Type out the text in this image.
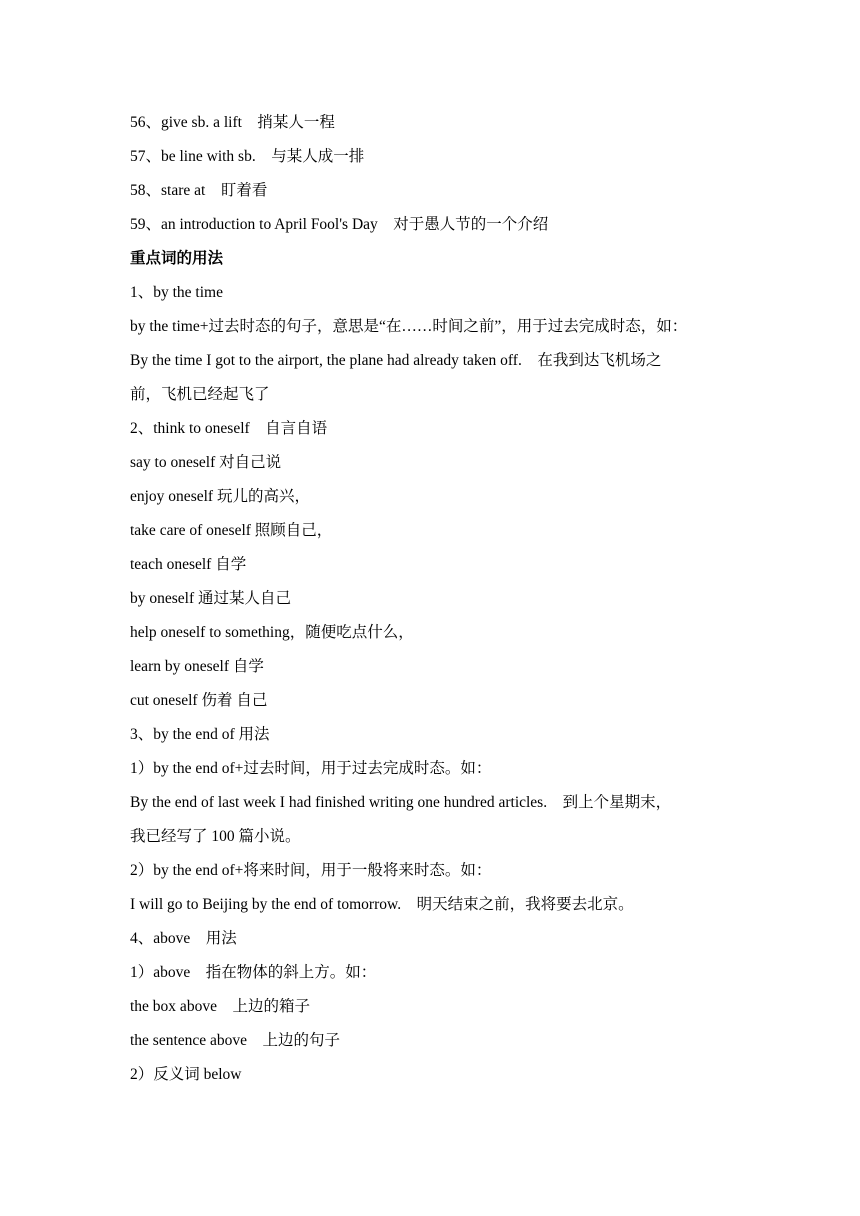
56、give sb. a lift　捎某人一程
57、be line with sb.　与某人成一排
58、stare at　盯着看
59、an introduction to April Fool's Day　对于愚人节的一个介绍
重点词的用法
1、by the time
by the time+过去时态的句子，意思是“在……时间之前”，用于过去完成时态，如：
By the time I got to the airport, the plane had already taken off.　在我到达飞机场之
前，飞机已经起飞了
2、think to oneself　自言自语
say to oneself 对自己说
enjoy oneself 玩儿的高兴，
take care of oneself 照顾自己，
teach oneself 自学
by oneself 通过某人自己
help oneself to something，随便吃点什么，
learn by oneself 自学
cut oneself 伤着 自己
3、by the end of 用法
1）by the end of+过去时间，用于过去完成时态。如：
By the end of last week I had finished writing one hundred articles.　到上个星期末，
我已经写了 100 篇小说。
2）by the end of+将来时间，用于一般将来时态。如：
I will go to Beijing by the end of tomorrow.　明天结束之前，我将要去北京。
4、above　用法
1）above　指在物体的斜上方。如：
the box above　上边的箱子
the sentence above　上边的句子
2）反义词 below
